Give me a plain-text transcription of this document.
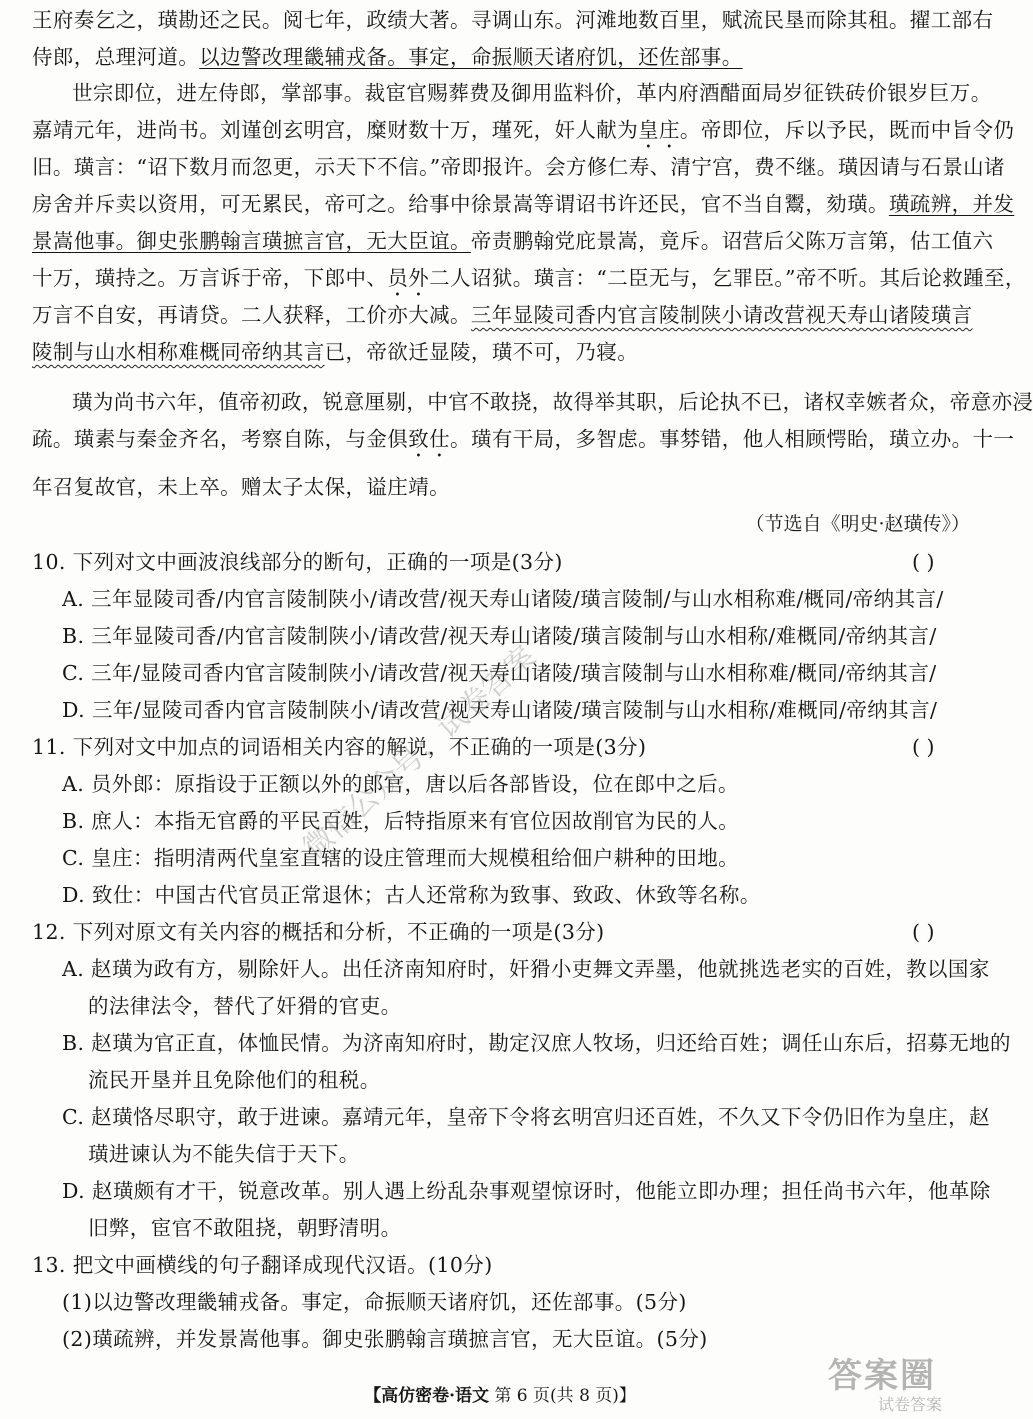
王府奏乞之，璜勘还之民。阅七年，政绩大著。寻调山东。河滩地数百里，赋流民垦而除其租。擢工部右
侍郎，总理河道。以边警改理畿辅戎备。事定，命振顺天诸府饥，还佐部事。
世宗即位，进左侍郎，掌部事。裁宦官赐葬费及御用监料价，革内府酒醋面局岁征铁砖价银岁巨万。
嘉靖元年，进尚书。刘谨创玄明宫，糜财数十万，瑾死，奸人献为皇庄。帝即位，斥以予民，既而中旨令仍
旧。璜言：“诏下数月而忽更，示天下不信。”帝即报许。会方修仁寿、清宁宫，费不继。璜因请与石景山诸
房舍并斥卖以资用，可无累民，帝可之。给事中徐景嵩等谓诏书许还民，官不当自鬻，劾璜。璜疏辨，并发
景嵩他事。御史张鹏翰言璜摭言官，无大臣谊。帝责鹏翰党庇景嵩，竟斥。诏营后父陈万言第，估工值六
十万，璜持之。万言诉于帝，下郎中、员外二人诏狱。璜言：“二臣无与，乞罪臣。”帝不听。其后论救踵至，
万言不自安，再请贷。二人获释，工价亦大减。三年显陵司香内官言陵制陕小请改营视天寿山诸陵璜言
陵制与山水相称难概同帝纳其言已，帝欲迁显陵，璜不可，乃寝。
璜为尚书六年，值帝初政，锐意厘剔，中官不敢挠，故得举其职，后论执不已，诸权幸嫉者众，帝意亦浸
疏。璜素与秦金齐名，考察自陈，与金俱致仕。璜有干局，多智虑。事棼错，他人相顾愕眙，璜立办。十一
年召复故官，未上卒。赠太子太保，谥庄靖。
（节选自《明史·赵璜传》）
10. 下列对文中画波浪线部分的断句，正确的一项是(3分)	( )
A. 三年显陵司香/内官言陵制陕小/请改营/视天寿山诸陵/璜言陵制/与山水相称难/概同/帝纳其言/
B. 三年显陵司香/内官言陵制陕小/请改营/视天寿山诸陵/璜言陵制与山水相称/难概同/帝纳其言/
C. 三年/显陵司香内官言陵制陕小/请改营/视天寿山诸陵/璜言陵制与山水相称难/概同/帝纳其言/
D. 三年/显陵司香内官言陵制陕小/请改营/视天寿山诸陵/璜言陵制与山水相称/难概同/帝纳其言/
11. 下列对文中加点的词语相关内容的解说，不正确的一项是(3分)	( )
A. 员外郎：原指设于正额以外的郎官，唐以后各部皆设，位在郎中之后。
B. 庶人：本指无官爵的平民百姓，后特指原来有官位因故削官为民的人。
C. 皇庄：指明清两代皇室直辖的设庄管理而大规模租给佃户耕种的田地。
D. 致仕：中国古代官员正常退休；古人还常称为致事、致政、休致等名称。
12. 下列对原文有关内容的概括和分析，不正确的一项是(3分)	( )
A. 赵璜为政有方，剔除奸人。出任济南知府时，奸猾小吏舞文弄墨，他就挑选老实的百姓，教以国家
的法律法令，替代了奸猾的官吏。
B. 赵璜为官正直，体恤民情。为济南知府时，勘定汉庶人牧场，归还给百姓；调任山东后，招募无地的
流民开垦并且免除他们的租税。
C. 赵璜恪尽职守，敢于进谏。嘉靖元年，皇帝下令将玄明宫归还百姓，不久又下令仍旧作为皇庄，赵
璜进谏认为不能失信于天下。
D. 赵璜颇有才干，锐意改革。别人遇上纷乱杂事观望惊讶时，他能立即办理；担任尚书六年，他革除
旧弊，宦官不敢阻挠，朝野清明。
13. 把文中画横线的句子翻译成现代汉语。(10分)
(1)以边警改理畿辅戎备。事定，命振顺天诸府饥，还佐部事。(5分)
(2)璜疏辨，并发景嵩他事。御史张鹏翰言璜摭言官，无大臣谊。(5分)
【高仿密卷·语文 第 6 页(共 8 页)】
微信公众号：试卷答案
答案圈
试卷答案
